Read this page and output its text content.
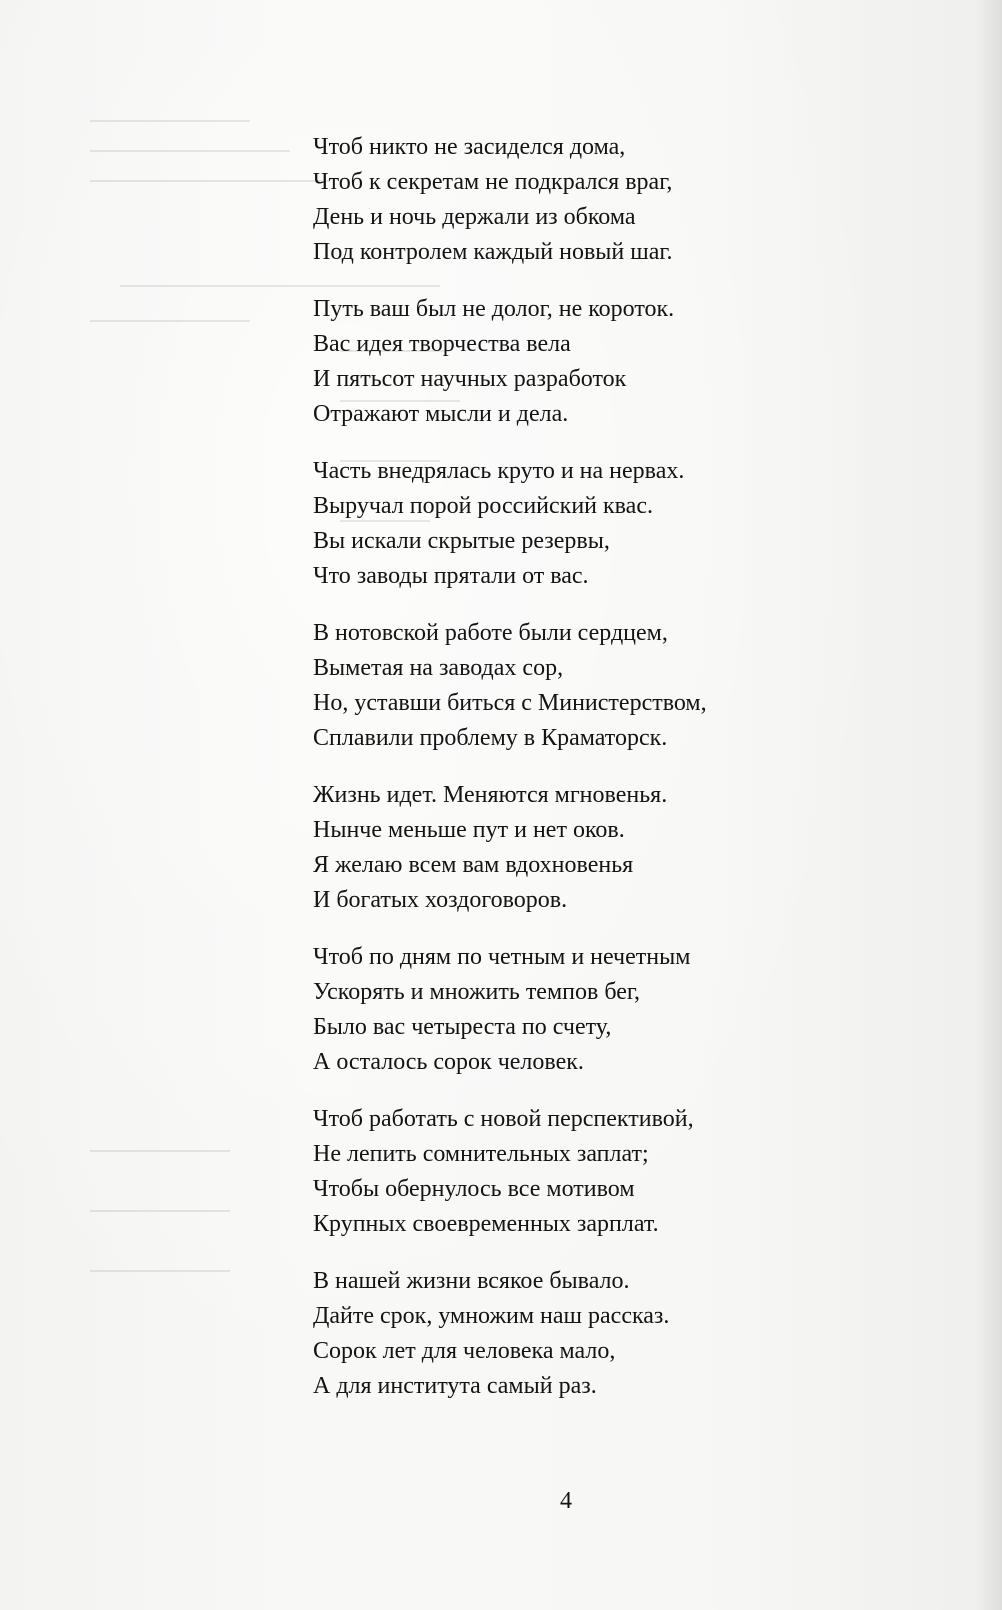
Чтоб никто не засиделся дома,
Чтоб к секретам не подкрался враг,
День и ночь держали из обкома
Под контролем каждый новый шаг.
Путь ваш был не долог, не короток.
Вас идея творчества вела
И пятьсот научных разработок
Отражают мысли и дела.
Часть внедрялась круто и на нервах.
Выручал порой российский квас.
Вы искали скрытые резервы,
Что заводы прятали от вас.
В нотовской работе были сердцем,
Выметая на заводах сор,
Но, уставши биться с Министерством,
Сплавили проблему в Краматорск.
Жизнь идет. Меняются мгновенья.
Нынче меньше пут и нет оков.
Я желаю всем вам вдохновенья
И богатых хоздоговоров.
Чтоб по дням по четным и нечетным
Ускорять и множить темпов бег,
Было вас четыреста по счету,
А осталось сорок человек.
Чтоб работать с новой перспективой,
Не лепить сомнительных заплат;
Чтобы обернулось все мотивом
Крупных своевременных зарплат.
В нашей жизни всякое бывало.
Дайте срок, умножим наш рассказ.
Сорок лет для человека мало,
А для института самый раз.
4
